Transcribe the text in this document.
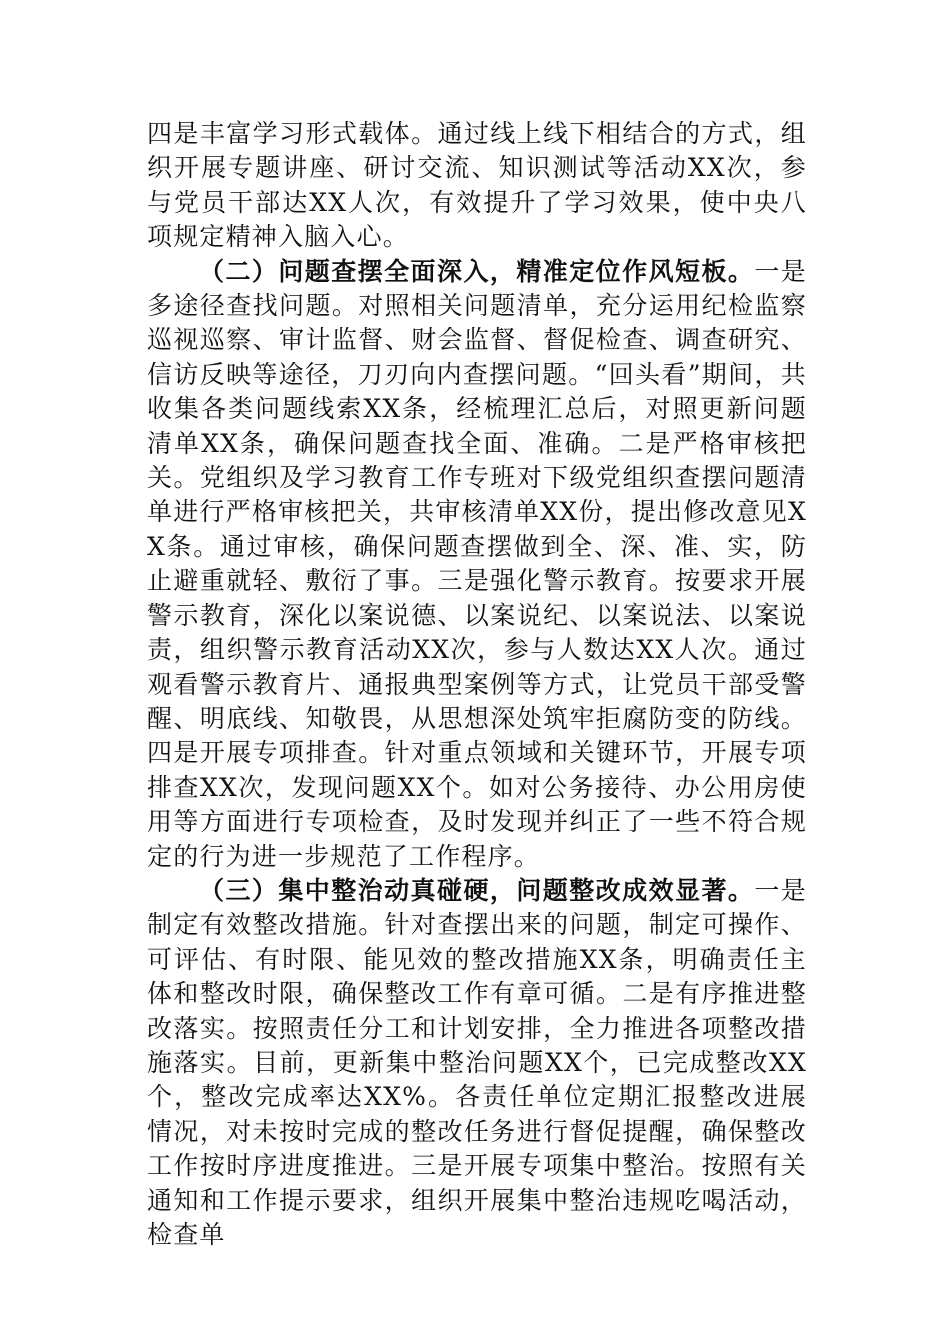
四是丰富学习形式载体。通过线上线下相结合的方式，组织开展专题讲座、研讨交流、知识测试等活动XX次，参与党员干部达XX人次，有效提升了学习效果，使中央八项规定精神入脑入心。

（二）问题查摆全面深入，精准定位作风短板。一是多途径查找问题。对照相关问题清单，充分运用纪检监察巡视巡察、审计监督、财会监督、督促检查、调查研究、信访反映等途径，刀刃向内查摆问题。“回头看”期间，共收集各类问题线索XX条，经梳理汇总后，对照更新问题清单XX条，确保问题查找全面、准确。二是严格审核把关。党组织及学习教育工作专班对下级党组织查摆问题清单进行严格审核把关，共审核清单XX份，提出修改意见XX条。通过审核，确保问题查摆做到全、深、准、实，防止避重就轻、敷衍了事。三是强化警示教育。按要求开展警示教育，深化以案说德、以案说纪、以案说法、以案说责，组织警示教育活动XX次，参与人数达XX人次。通过观看警示教育片、通报典型案例等方式，让党员干部受警醒、明底线、知敬畏，从思想深处筑牢拒腐防变的防线。四是开展专项排查。针对重点领域和关键环节，开展专项排查XX次，发现问题XX个。如对公务接待、办公用房使用等方面进行专项检查，及时发现并纠正了一些不符合规定的行为进一步规范了工作程序。

（三）集中整治动真碰硬，问题整改成效显著。一是制定有效整改措施。针对查摆出来的问题，制定可操作、可评估、有时限、能见效的整改措施XX条，明确责任主体和整改时限，确保整改工作有章可循。二是有序推进整改落实。按照责任分工和计划安排，全力推进各项整改措施落实。目前，更新集中整治问题XX个，已完成整改XX个，整改完成率达XX%。各责任单位定期汇报整改进展情况，对未按时完成的整改任务进行督促提醒，确保整改工作按时序进度推进。三是开展专项集中整治。按照有关通知和工作提示要求，组织开展集中整治违规吃喝活动，检查单
